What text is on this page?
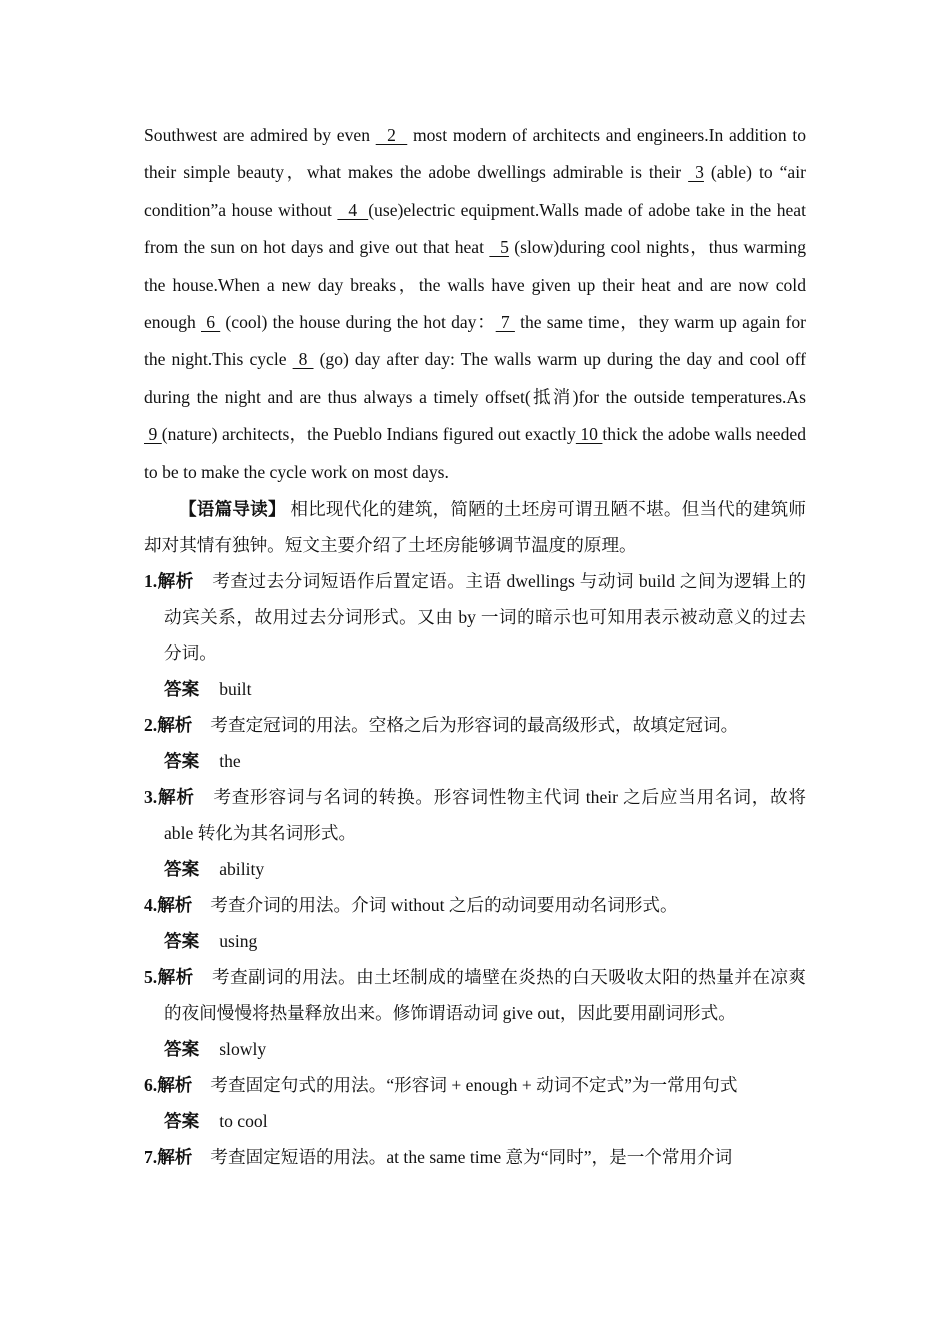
Southwest are admired by even   2   most modern of architects and engineers.In addition to their simple beauty，what makes the adobe dwellings admirable is their  3 (able) to “air condition”a house without   4  (use)electric equipment.Walls made of adobe take in the heat from the sun on hot days and give out that heat   5 (slow)during cool nights，thus warming the house.When a new day breaks，the walls have given up their heat and are now cold enough  6  (cool) the house during the hot day： 7  the same time，they warm up again for the night.This cycle  8  (go) day after day: The walls warm up during the day and cool off during the night and are thus always a timely offset(抵消)for the outside temperatures.As 9 (nature) architects，the Pueblo Indians figured out exactly 10 thick the adobe walls needed to be to make the cycle work on most days.

【语篇导读】 相比现代化的建筑，简陋的土坯房可谓丑陋不堪。但当代的建筑师却对其情有独钟。短文主要介绍了土坯房能够调节温度的原理。

1.解析 考查过去分词短语作后置定语。主语 dwellings 与动词 build 之间为逻辑上的动宾关系，故用过去分词形式。又由 by 一词的暗示也可知用表示被动意义的过去分词。

答案 built

2.解析 考查定冠词的用法。空格之后为形容词的最高级形式，故填定冠词。

答案 the

3.解析 考查形容词与名词的转换。形容词性物主代词 their 之后应当用名词，故将 able 转化为其名词形式。

答案 ability

4.解析 考查介词的用法。介词 without 之后的动词要用动名词形式。

答案 using

5.解析 考查副词的用法。由土坯制成的墙壁在炎热的白天吸收太阳的热量并在凉爽的夜间慢慢将热量释放出来。修饰谓语动词 give out，因此要用副词形式。

答案 slowly

6.解析 考查固定句式的用法。“形容词 + enough + 动词不定式”为一常用句式

答案 to cool

7.解析 考查固定短语的用法。at the same time 意为“同时”，是一个常用介词
